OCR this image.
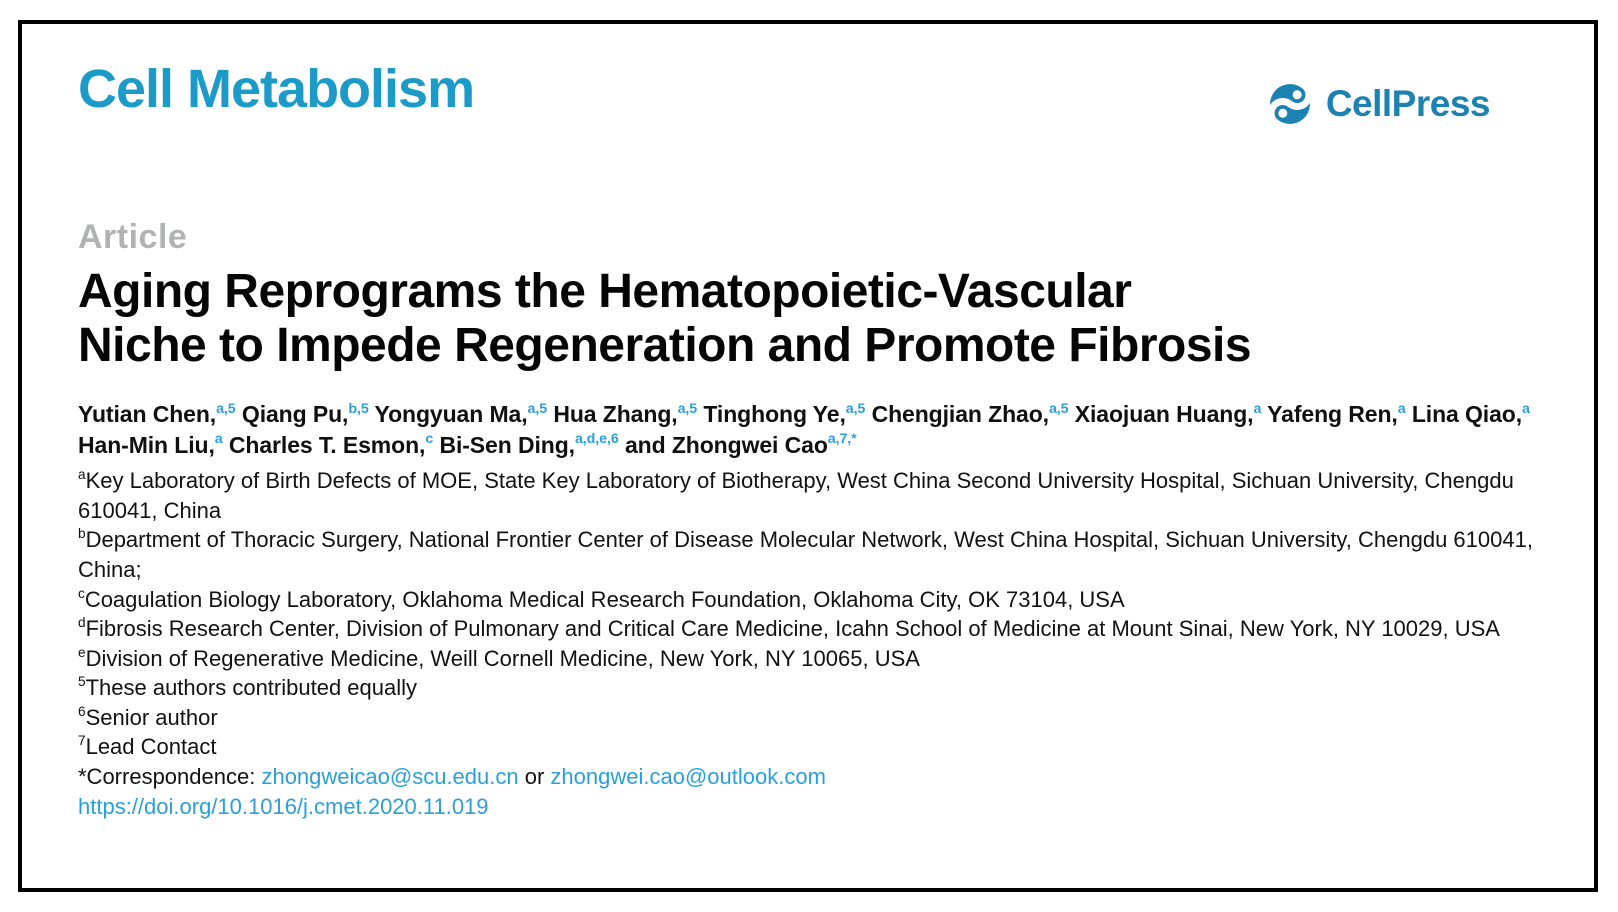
Cell Metabolism	CellPress
Article
Aging Reprograms the Hematopoietic-Vascular
Niche to Impede Regeneration and Promote Fibrosis

Yutian Chen,$^{a,5}$ Qiang Pu,$^{b,5}$ Yongyuan Ma,$^{a,5}$ Hua Zhang,$^{a,5}$ Tinghong Ye,$^{a,5}$ Chengjian Zhao,$^{a,5}$ Xiaojuan Huang,$^a$ Yafeng Ren,$^a$ Lina Qiao,$^a$ Han-Min Liu,$^a$ Charles T. Esmon,$^c$ Bi-Sen Ding,$^{a,d,e,6}$ and Zhongwei Cao$^{a,7,*}$

$^a$Key Laboratory of Birth Defects of MOE, State Key Laboratory of Biotherapy, West China Second University Hospital, Sichuan University, Chengdu 610041, China
$^b$Department of Thoracic Surgery, National Frontier Center of Disease Molecular Network, West China Hospital, Sichuan University, Chengdu 610041, China;
$^c$Coagulation Biology Laboratory, Oklahoma Medical Research Foundation, Oklahoma City, OK 73104, USA
$^d$Fibrosis Research Center, Division of Pulmonary and Critical Care Medicine, Icahn School of Medicine at Mount Sinai, New York, NY 10029, USA
$^e$Division of Regenerative Medicine, Weill Cornell Medicine, New York, NY 10065, USA
$^5$These authors contributed equally
$^6$Senior author
$^7$Lead Contact

*Correspondence: zhongweicao@scu.edu.cn or zhongwei.cao@outlook.com

https://doi.org/10.1016/j.cmet.2020.11.019
